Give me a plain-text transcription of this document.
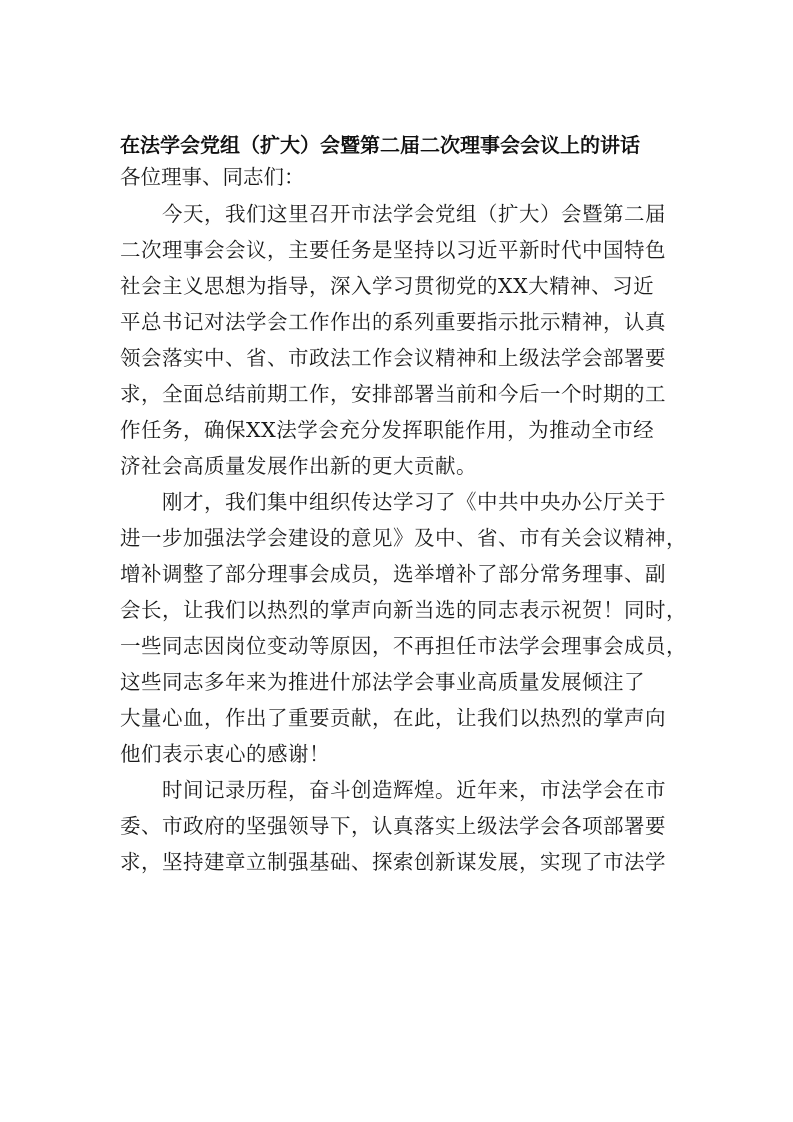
在法学会党组（扩大）会暨第二届二次理事会会议上的讲话
各位理事、同志们：
今天，我们这里召开市法学会党组（扩大）会暨第二届
二次理事会会议，主要任务是坚持以习近平新时代中国特色
社会主义思想为指导，深入学习贯彻党的XX大精神、习近
平总书记对法学会工作作出的系列重要指示批示精神，认真
领会落实中、省、市政法工作会议精神和上级法学会部署要
求，全面总结前期工作，安排部署当前和今后一个时期的工
作任务，确保XX法学会充分发挥职能作用，为推动全市经
济社会高质量发展作出新的更大贡献。
刚才，我们集中组织传达学习了《中共中央办公厅关于
进一步加强法学会建设的意见》及中、省、市有关会议精神，
增补调整了部分理事会成员，选举增补了部分常务理事、副
会长，让我们以热烈的掌声向新当选的同志表示祝贺！同时，
一些同志因岗位变动等原因，不再担任市法学会理事会成员，
这些同志多年来为推进什邡法学会事业高质量发展倾注了
大量心血，作出了重要贡献，在此，让我们以热烈的掌声向
他们表示衷心的感谢！
时间记录历程，奋斗创造辉煌。近年来，市法学会在市
委、市政府的坚强领导下，认真落实上级法学会各项部署要
求，坚持建章立制强基础、探索创新谋发展，实现了市法学
